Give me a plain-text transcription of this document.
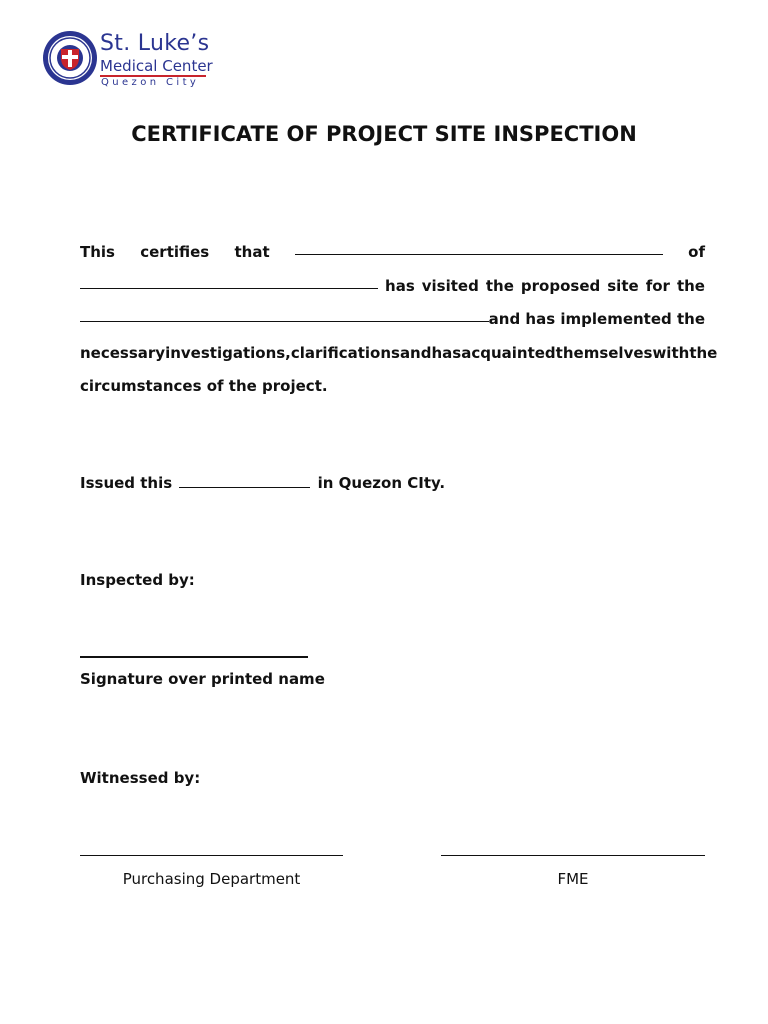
St. Luke’s
Medical Center
Quezon City
CERTIFICATE OF PROJECT SITE INSPECTION
This certifies that	of
has visited the proposed site for the
and has implemented the
necessary investigations, clarifications and has acquainted themselves with the
circumstances of the project.
Issued this	in Quezon CIty.
Inspected by:
Signature over printed name
Witnessed by:
Purchasing Department	FME
